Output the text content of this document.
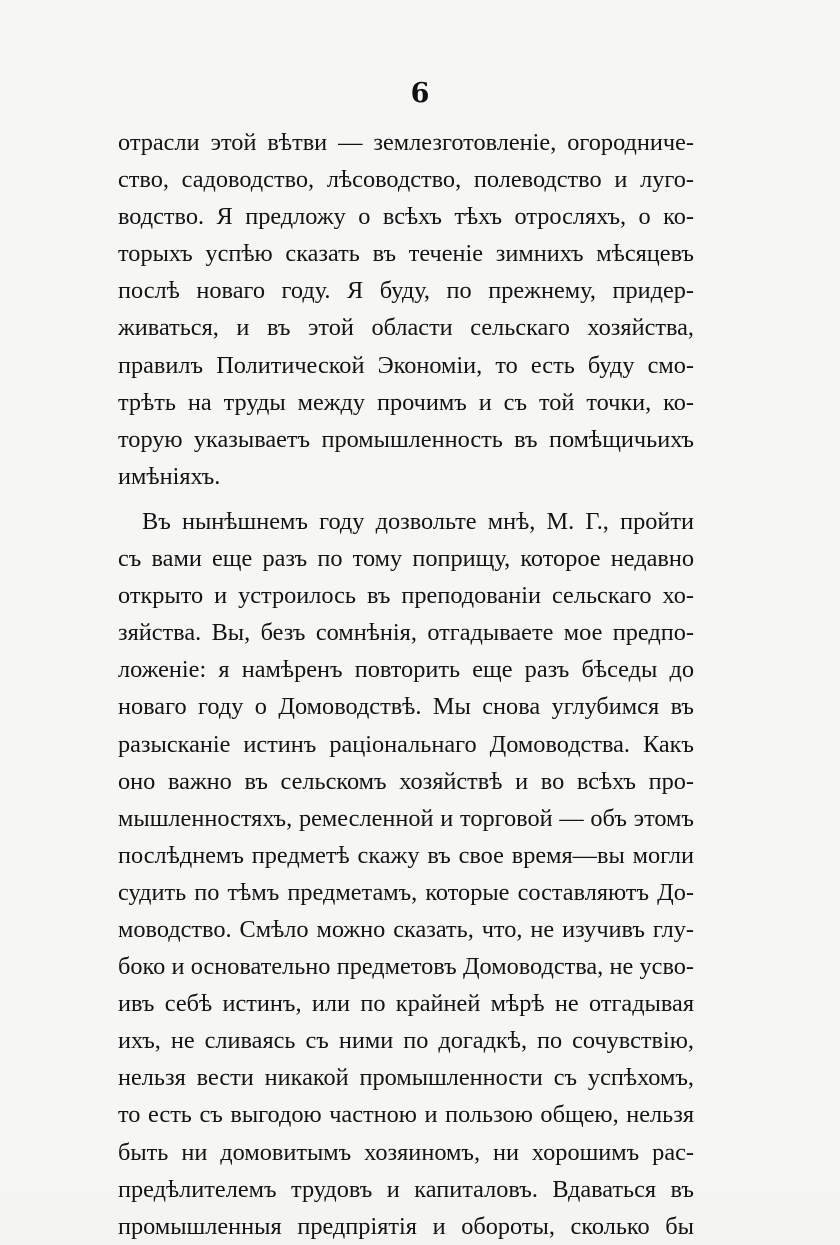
6
отрасли этой вѣтви — землезготовленіе, огородниче-
ство, садоводство, лѣсоводство, полеводство и луго-
водство. Я предложу о всѣхъ тѣхъ отросляхъ, о ко-
торыхъ успѣю сказать въ теченіе зимнихъ мѣсяцевъ
послѣ новаго году. Я буду, по прежнему, придер-
живаться, и въ этой области сельскаго хозяйства,
правилъ Политической Экономіи, то есть буду смо-
трѣть на труды между прочимъ и съ той точки, ко-
торую указываетъ промышленность въ помѣщичьихъ
имѣніяхъ.
Въ нынѣшнемъ году дозвольте мнѣ, М. Г., пройти
съ вами еще разъ по тому поприщу, которое недавно
открыто и устроилось въ преподованіи сельскаго хо-
зяйства. Вы, безъ сомнѣнія, отгадываете мое предпо-
ложеніе: я намѣренъ повторить еще разъ бѣседы до
новаго году о Домоводствѣ. Мы снова углубимся въ
разысканіе истинъ раціональнаго Домоводства. Какъ
оно важно въ сельскомъ хозяйствѣ и во всѣхъ про-
мышленностяхъ, ремесленной и торговой — объ этомъ
послѣднемъ предметѣ скажу въ свое время—вы могли
судить по тѣмъ предметамъ, которые составляютъ До-
моводство. Смѣло можно сказать, что, не изучивъ глу-
боко и основательно предметовъ Домоводства, не усво-
ивъ себѣ истинъ, или по крайней мѣрѣ не отгадывая
ихъ, не сливаясь съ ними по догадкѣ, по сочувствію,
нельзя вести никакой промышленности съ успѣхомъ,
то есть съ выгодою частною и пользою общею, нельзя
быть ни домовитымъ хозяиномъ, ни хорошимъ рас-
предѣлителемъ трудовъ и капиталовъ. Вдаваться въ
промышленныя предпріятія и обороты, сколько бы
